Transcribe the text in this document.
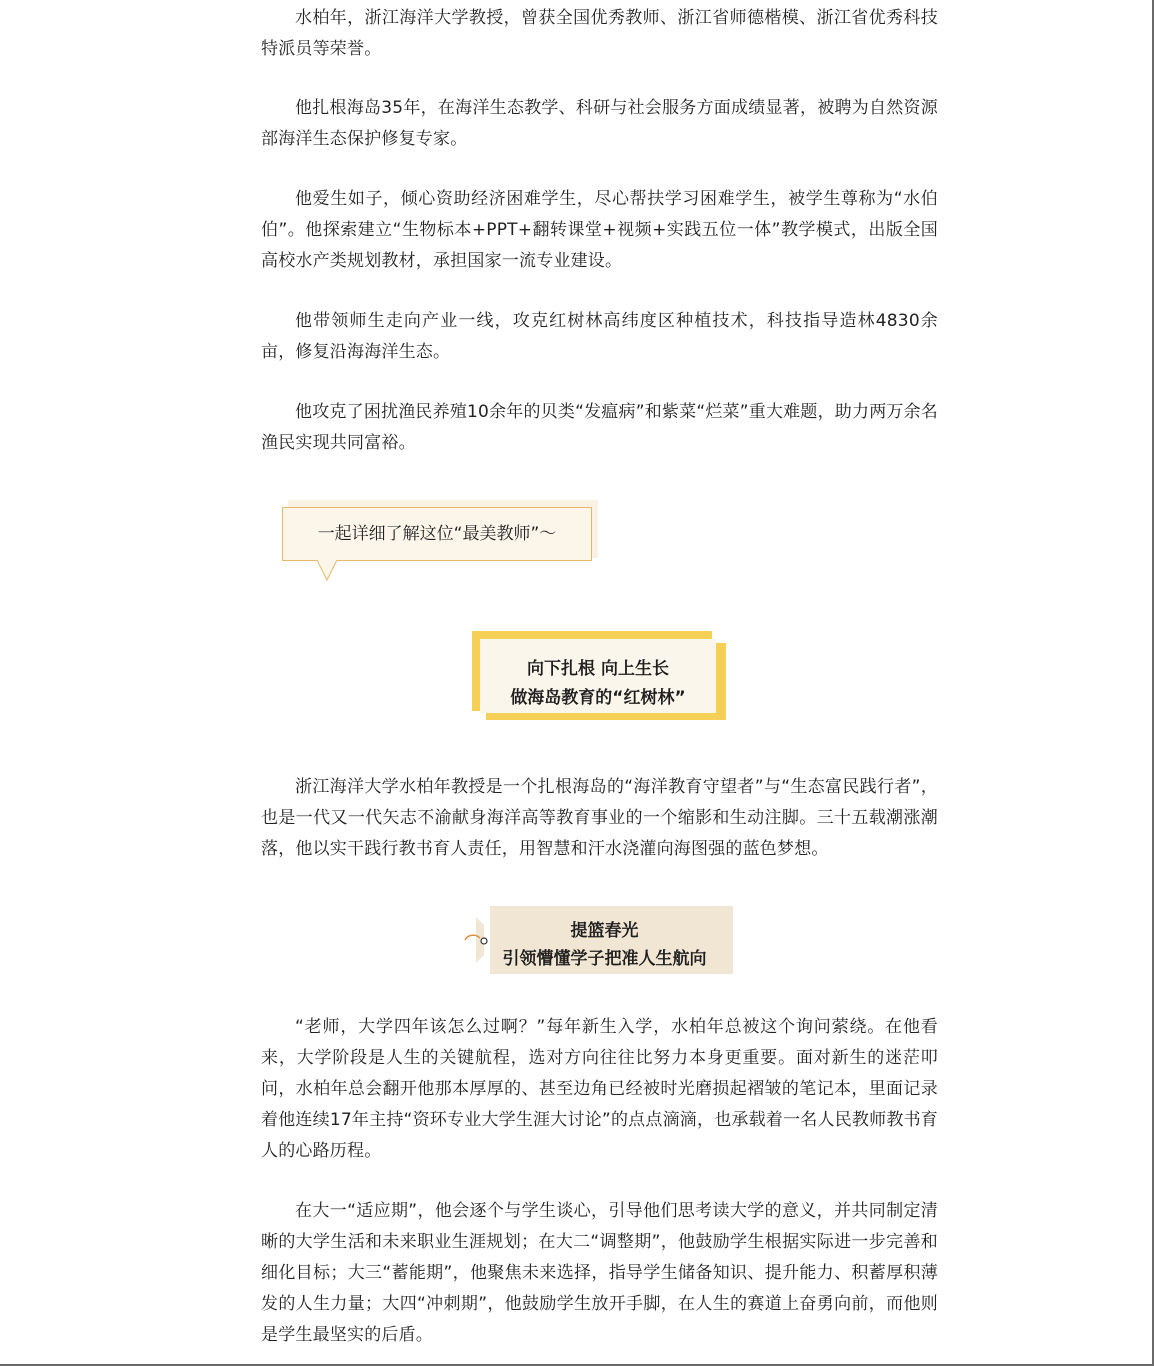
水柏年，浙江海洋大学教授，曾获全国优秀教师、浙江省师德楷模、浙江省优秀科技特派员等荣誉。

他扎根海岛35年，在海洋生态教学、科研与社会服务方面成绩显著，被聘为自然资源部海洋生态保护修复专家。

他爱生如子，倾心资助经济困难学生，尽心帮扶学习困难学生，被学生尊称为“水伯伯”。他探索建立“生物标本+PPT+翻转课堂+视频+实践五位一体”教学模式，出版全国高校水产类规划教材，承担国家一流专业建设。

他带领师生走向产业一线，攻克红树林高纬度区种植技术，科技指导造林4830余亩，修复沿海海洋生态。

他攻克了困扰渔民养殖10余年的贝类“发瘟病”和紫菜“烂菜”重大难题，助力两万余名渔民实现共同富裕。

浙江海洋大学水柏年教授是一个扎根海岛的“海洋教育守望者”与“生态富民践行者”，也是一代又一代矢志不渝献身海洋高等教育事业的一个缩影和生动注脚。三十五载潮涨潮落，他以实干践行教书育人责任，用智慧和汗水浇灌向海图强的蓝色梦想。

“老师，大学四年该怎么过啊？”每年新生入学，水柏年总被这个询问萦绕。在他看来，大学阶段是人生的关键航程，选对方向往往比努力本身更重要。面对新生的迷茫叩问，水柏年总会翻开他那本厚厚的、甚至边角已经被时光磨损起褶皱的笔记本，里面记录着他连续17年主持“资环专业大学生涯大讨论”的点点滴滴，也承载着一名人民教师教书育人的心路历程。

在大一“适应期”，他会逐个与学生谈心，引导他们思考读大学的意义，并共同制定清晰的大学生活和未来职业生涯规划；在大二“调整期”，他鼓励学生根据实际进一步完善和细化目标；大三“蓄能期”，他聚焦未来选择，指导学生储备知识、提升能力、积蓄厚积薄发的人生力量；大四“冲刺期”，他鼓励学生放开手脚，在人生的赛道上奋勇向前，而他则是学生最坚实的后盾。

一起详细了解这位“最美教师”～
向下扎根 向上生长
做海岛教育的“红树林”
提篮春光
引领懵懂学子把准人生航向
